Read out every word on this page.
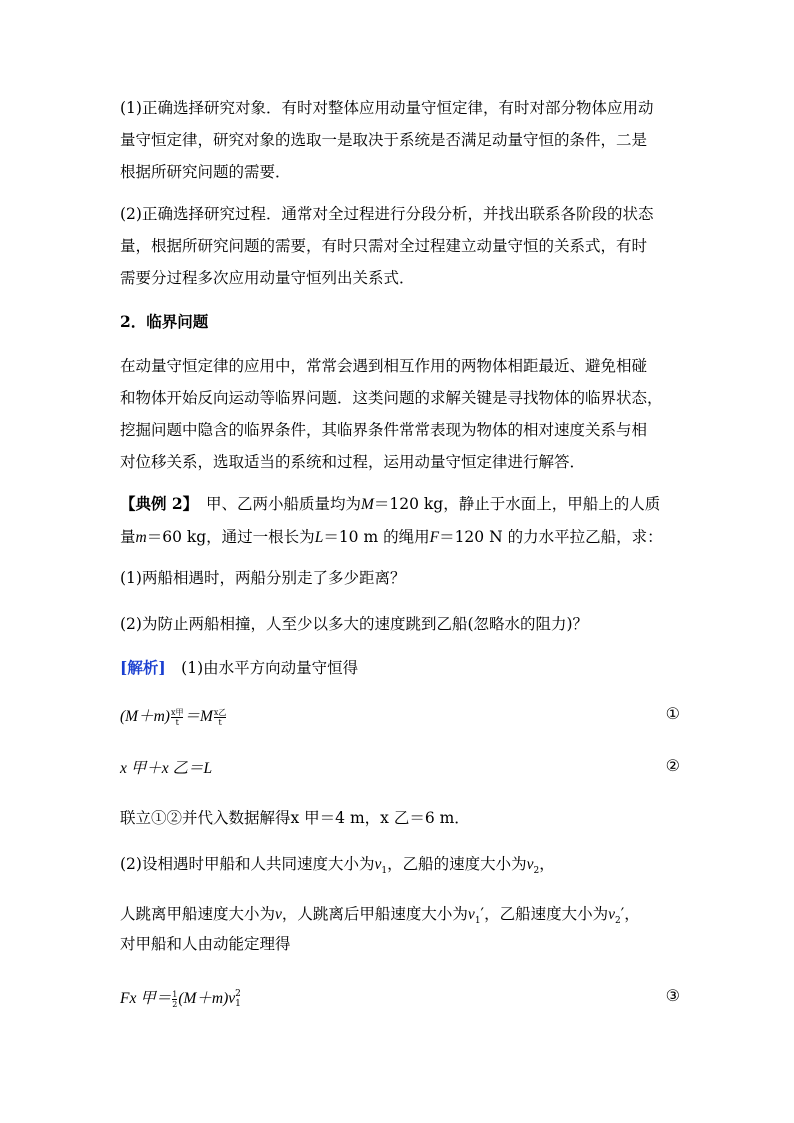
(1)正确选择研究对象．有时对整体应用动量守恒定律，有时对部分物体应用动
量守恒定律，研究对象的选取一是取决于系统是否满足动量守恒的条件，二是
根据所研究问题的需要．
(2)正确选择研究过程．通常对全过程进行分段分析，并找出联系各阶段的状态
量，根据所研究问题的需要，有时只需对全过程建立动量守恒的关系式，有时
需要分过程多次应用动量守恒列出关系式．
2．临界问题
在动量守恒定律的应用中，常常会遇到相互作用的两物体相距最近、避免相碰
和物体开始反向运动等临界问题．这类问题的求解关键是寻找物体的临界状态，
挖掘问题中隐含的临界条件，其临界条件常常表现为物体的相对速度关系与相
对位移关系，选取适当的系统和过程，运用动量守恒定律进行解答．
【典例 2】　甲、乙两小船质量均为M＝120 kg，静止于水面上，甲船上的人质
量m＝60 kg，通过一根长为L＝10 m 的绳用F＝120 N 的力水平拉乙船，求：
(1)两船相遇时，两船分别走了多少距离？
(2)为防止两船相撞，人至少以多大的速度跳到乙船(忽略水的阻力)？
[解析]　(1)由水平方向动量守恒得
$(M+m) \frac{\text{x甲}}{t} =M \frac{\text{x乙}}{t}$	①
x 甲＋x 乙＝L	②
联立①②并代入数据解得x 甲＝4 m，x 乙＝6 m．
(2)设相遇时甲船和人共同速度大小为$v_1$，乙船的速度大小为$v_2$，
人跳离甲船速度大小为v，人跳离后甲船速度大小为$v_1'$，乙船速度大小为$v_2'$，
对甲船和人由动能定理得
Fx 甲＝ $\frac{1}{2} (M+m)v$ 2
1	③
